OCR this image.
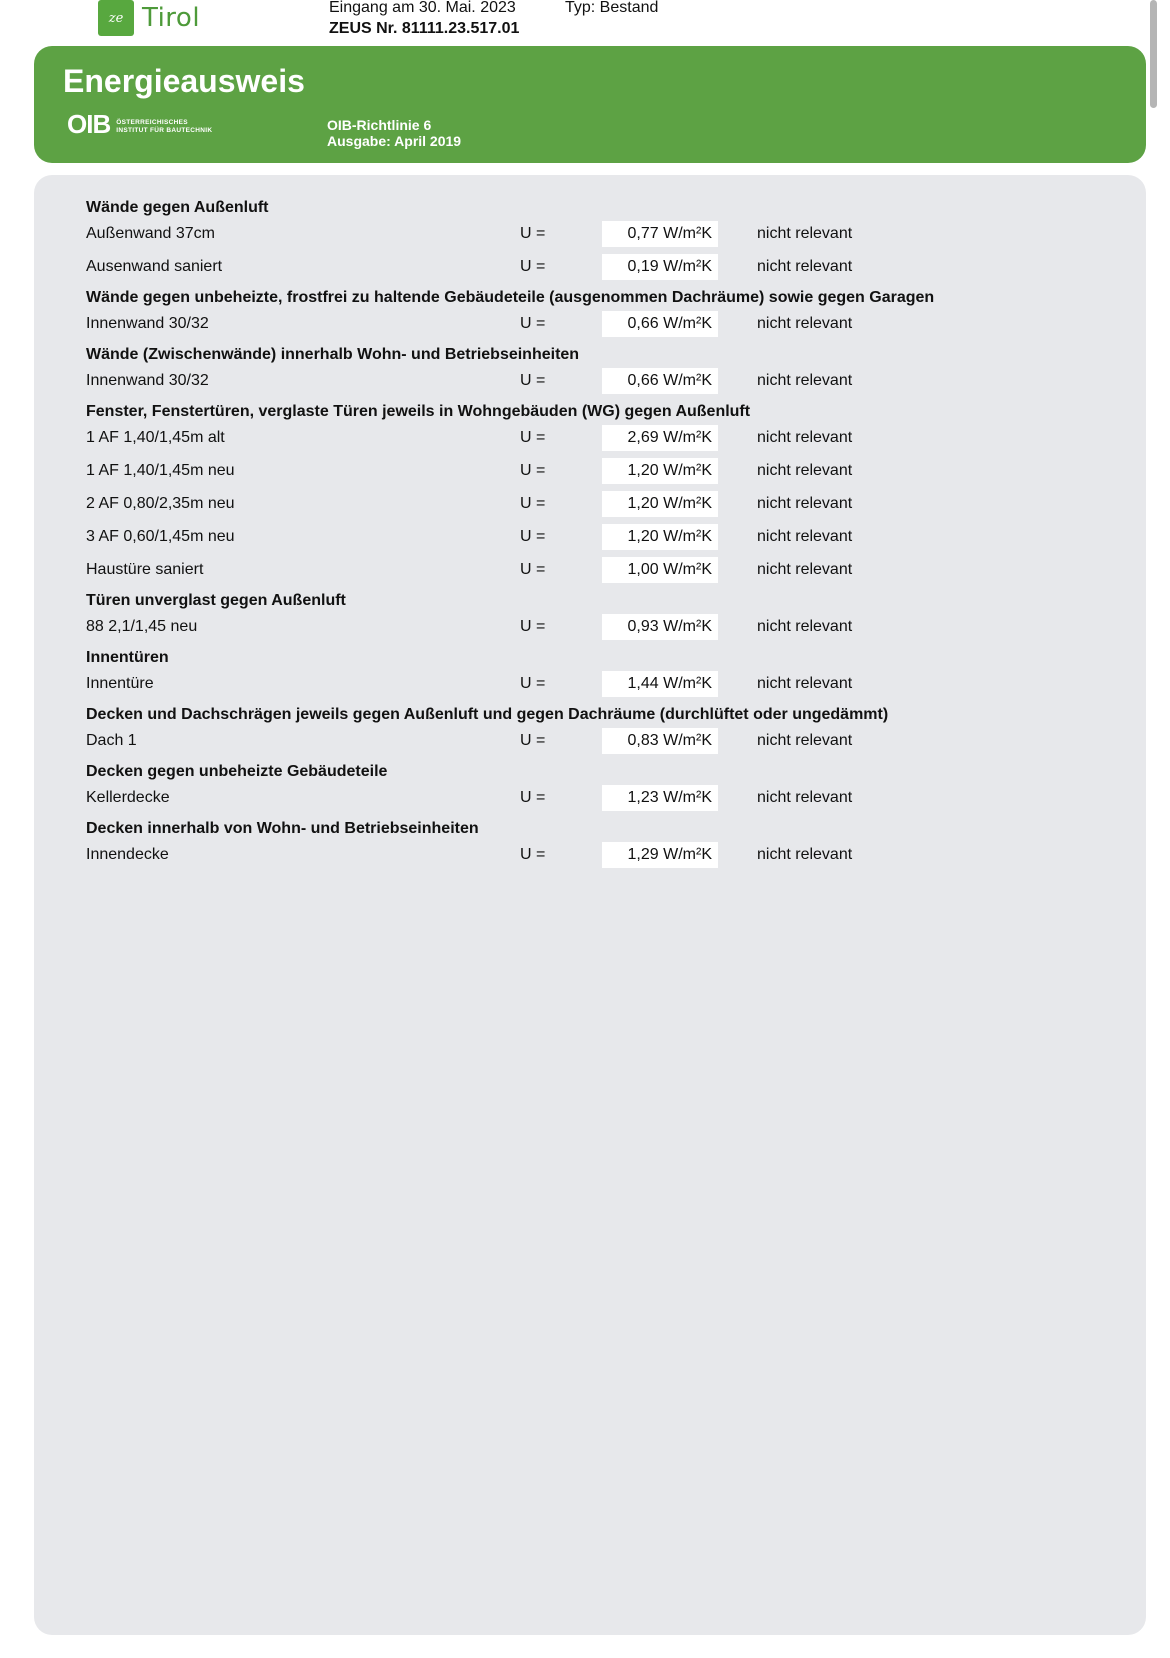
ze Tirol	Eingang am 30. Mai. 2023
ZEUS Nr. 81111.23.517.01
Typ: Bestand
Energieausweis
OIB ÖSTERREICHISCHES
INSTITUT FÜR BAUTECHNIK	OIB-Richtlinie 6
Ausgabe: April 2019
Wände gegen Außenluft
Außenwand 37cm	U =	0,77 W/m²K	nicht relevant
Ausenwand saniert	U =	0,19 W/m²K	nicht relevant
Wände gegen unbeheizte, frostfrei zu haltende Gebäudeteile (ausgenommen Dachräume) sowie gegen Garagen
Innenwand 30/32	U =	0,66 W/m²K	nicht relevant
Wände (Zwischenwände) innerhalb Wohn- und Betriebseinheiten
Innenwand 30/32	U =	0,66 W/m²K	nicht relevant
Fenster, Fenstertüren, verglaste Türen jeweils in Wohngebäuden (WG) gegen Außenluft
1 AF 1,40/1,45m alt	U =	2,69 W/m²K	nicht relevant
1 AF 1,40/1,45m neu	U =	1,20 W/m²K	nicht relevant
2 AF 0,80/2,35m neu	U =	1,20 W/m²K	nicht relevant
3 AF 0,60/1,45m neu	U =	1,20 W/m²K	nicht relevant
Haustüre saniert	U =	1,00 W/m²K	nicht relevant
Türen unverglast gegen Außenluft
88 2,1/1,45 neu	U =	0,93 W/m²K	nicht relevant
Innentüren
Innentüre	U =	1,44 W/m²K	nicht relevant
Decken und Dachschrägen jeweils gegen Außenluft und gegen Dachräume (durchlüftet oder ungedämmt)
Dach 1	U =	0,83 W/m²K	nicht relevant
Decken gegen unbeheizte Gebäudeteile
Kellerdecke	U =	1,23 W/m²K	nicht relevant
Decken innerhalb von Wohn- und Betriebseinheiten
Innendecke	U =	1,29 W/m²K	nicht relevant
